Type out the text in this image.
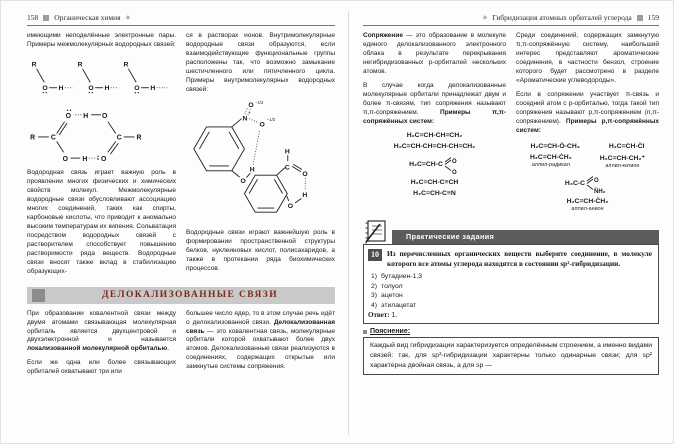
158 Органическая химия ◆

имеющими неподелённые электронные пары. Примеры межмолекулярных водородных связей:

R
O H
R
O H
R
O H
R C
O
O H O
C R
O
H

Водородная связь играет важную роль в проявлении многих физических и химических свойств молекул. Межмолекулярные водородные связи обусловливают ассоциацию многих соединений, таких как спирты, карбоновые кислоты, что приводит к аномально высоким температурам их кипения. Сольватация посредством водородных связей с растворителем способствует повышению растворимости ряда веществ. Водородные связи вносят также вклад в стабилизацию образующих-

ся в растворах ионов. Внутримолекулярные водородные связи образуются, если взаимодействующие функциональные группы расположены так, что возможно замыкание шестичленного или пятичленного цикла. Примеры внутримолекулярных водородных связей:

N
+
O −1/2
O
−1/2
O
H	C
H
O
H
O

Водородные связи играют важнейшую роль в формировании пространственной структуры белков, нуклеиновых кислот, полисахаридов, а также в протекании ряда биохимических процессов.

ДЕЛОКАЛИЗОВАННЫЕ СВЯЗИ

При образовании ковалентной связи между двумя атомами связывающая молекулярная орбиталь является двухцентровой и двухэлектронной и называется локализованной молекулярной орбиталью.

Если же одна или более связывающих орбиталей охватывают три или

большее число ядер, то в этом случае речь идёт о делокализованной связи. Делокализованная связь — это ковалентная связь, молекулярные орбитали которой охватывают более двух атомов. Делокализованные связи реализуются в соединениях, содержащих открытые или замкнутые системы сопряжения.

◆ Гибридизация атомных орбиталей углерода 159

Сопряжение — это образование в молекуле единого делокализованного электронного облака в результате перекрывания негибридизованных p-орбиталей нескольких атомов.

В случае когда делокализованные молекулярные орбитали принадлежат двум и более π-связям, тип сопряжения называют π,π-сопряжением. Примеры π,π-сопряжённых систем:

H₂C=CH-CH=CH₂
H₂C=CH-CH=CH-CH=CH₂
H₂C=CH-C O
O
H₂C=CH-C≡CH
H₂C=CH-C≡N

Среди соединений, содержащих замкнутую π,π-сопряжённую систему, наибольший интерес представляют ароматические соединения, в частности бензол, строение которого будет рассмотрено в разделе «Ароматические углеводороды».

Если в сопряжении участвует π-связь и соседний атом с p-орбиталью, тогда такой тип сопряжения называют p,π-сопряжением (n,π-сопряжением). Примеры p,π-сопряжённых систем:

H₂C=CH-Ö-CH₃	H₂C=CH-C̈l
H₂C=CH-ĊH₂
аллил-радикал
H₂C=CH-CH₂⁺
аллил-катион
H₃C-C O
N̈H₂
H₂C=CH-C̈H₂
аллил-анион
Практические задания
10	Из перечисленных органических веществ выберите соединение, в молекуле которого все атомы углерода находятся в состоянии sp²-гибридизации.
1) бутадиен-1,3
2) толуол
3) ацетон
4) этилацетат
Ответ: 1.
Пояснение:
Каждый вид гибридизации характеризуется определённым строением, а именно видами связей: так, для sp³-гибридизации характерны только одинарные связи; для sp² характерна двойная связь, а для sp —
